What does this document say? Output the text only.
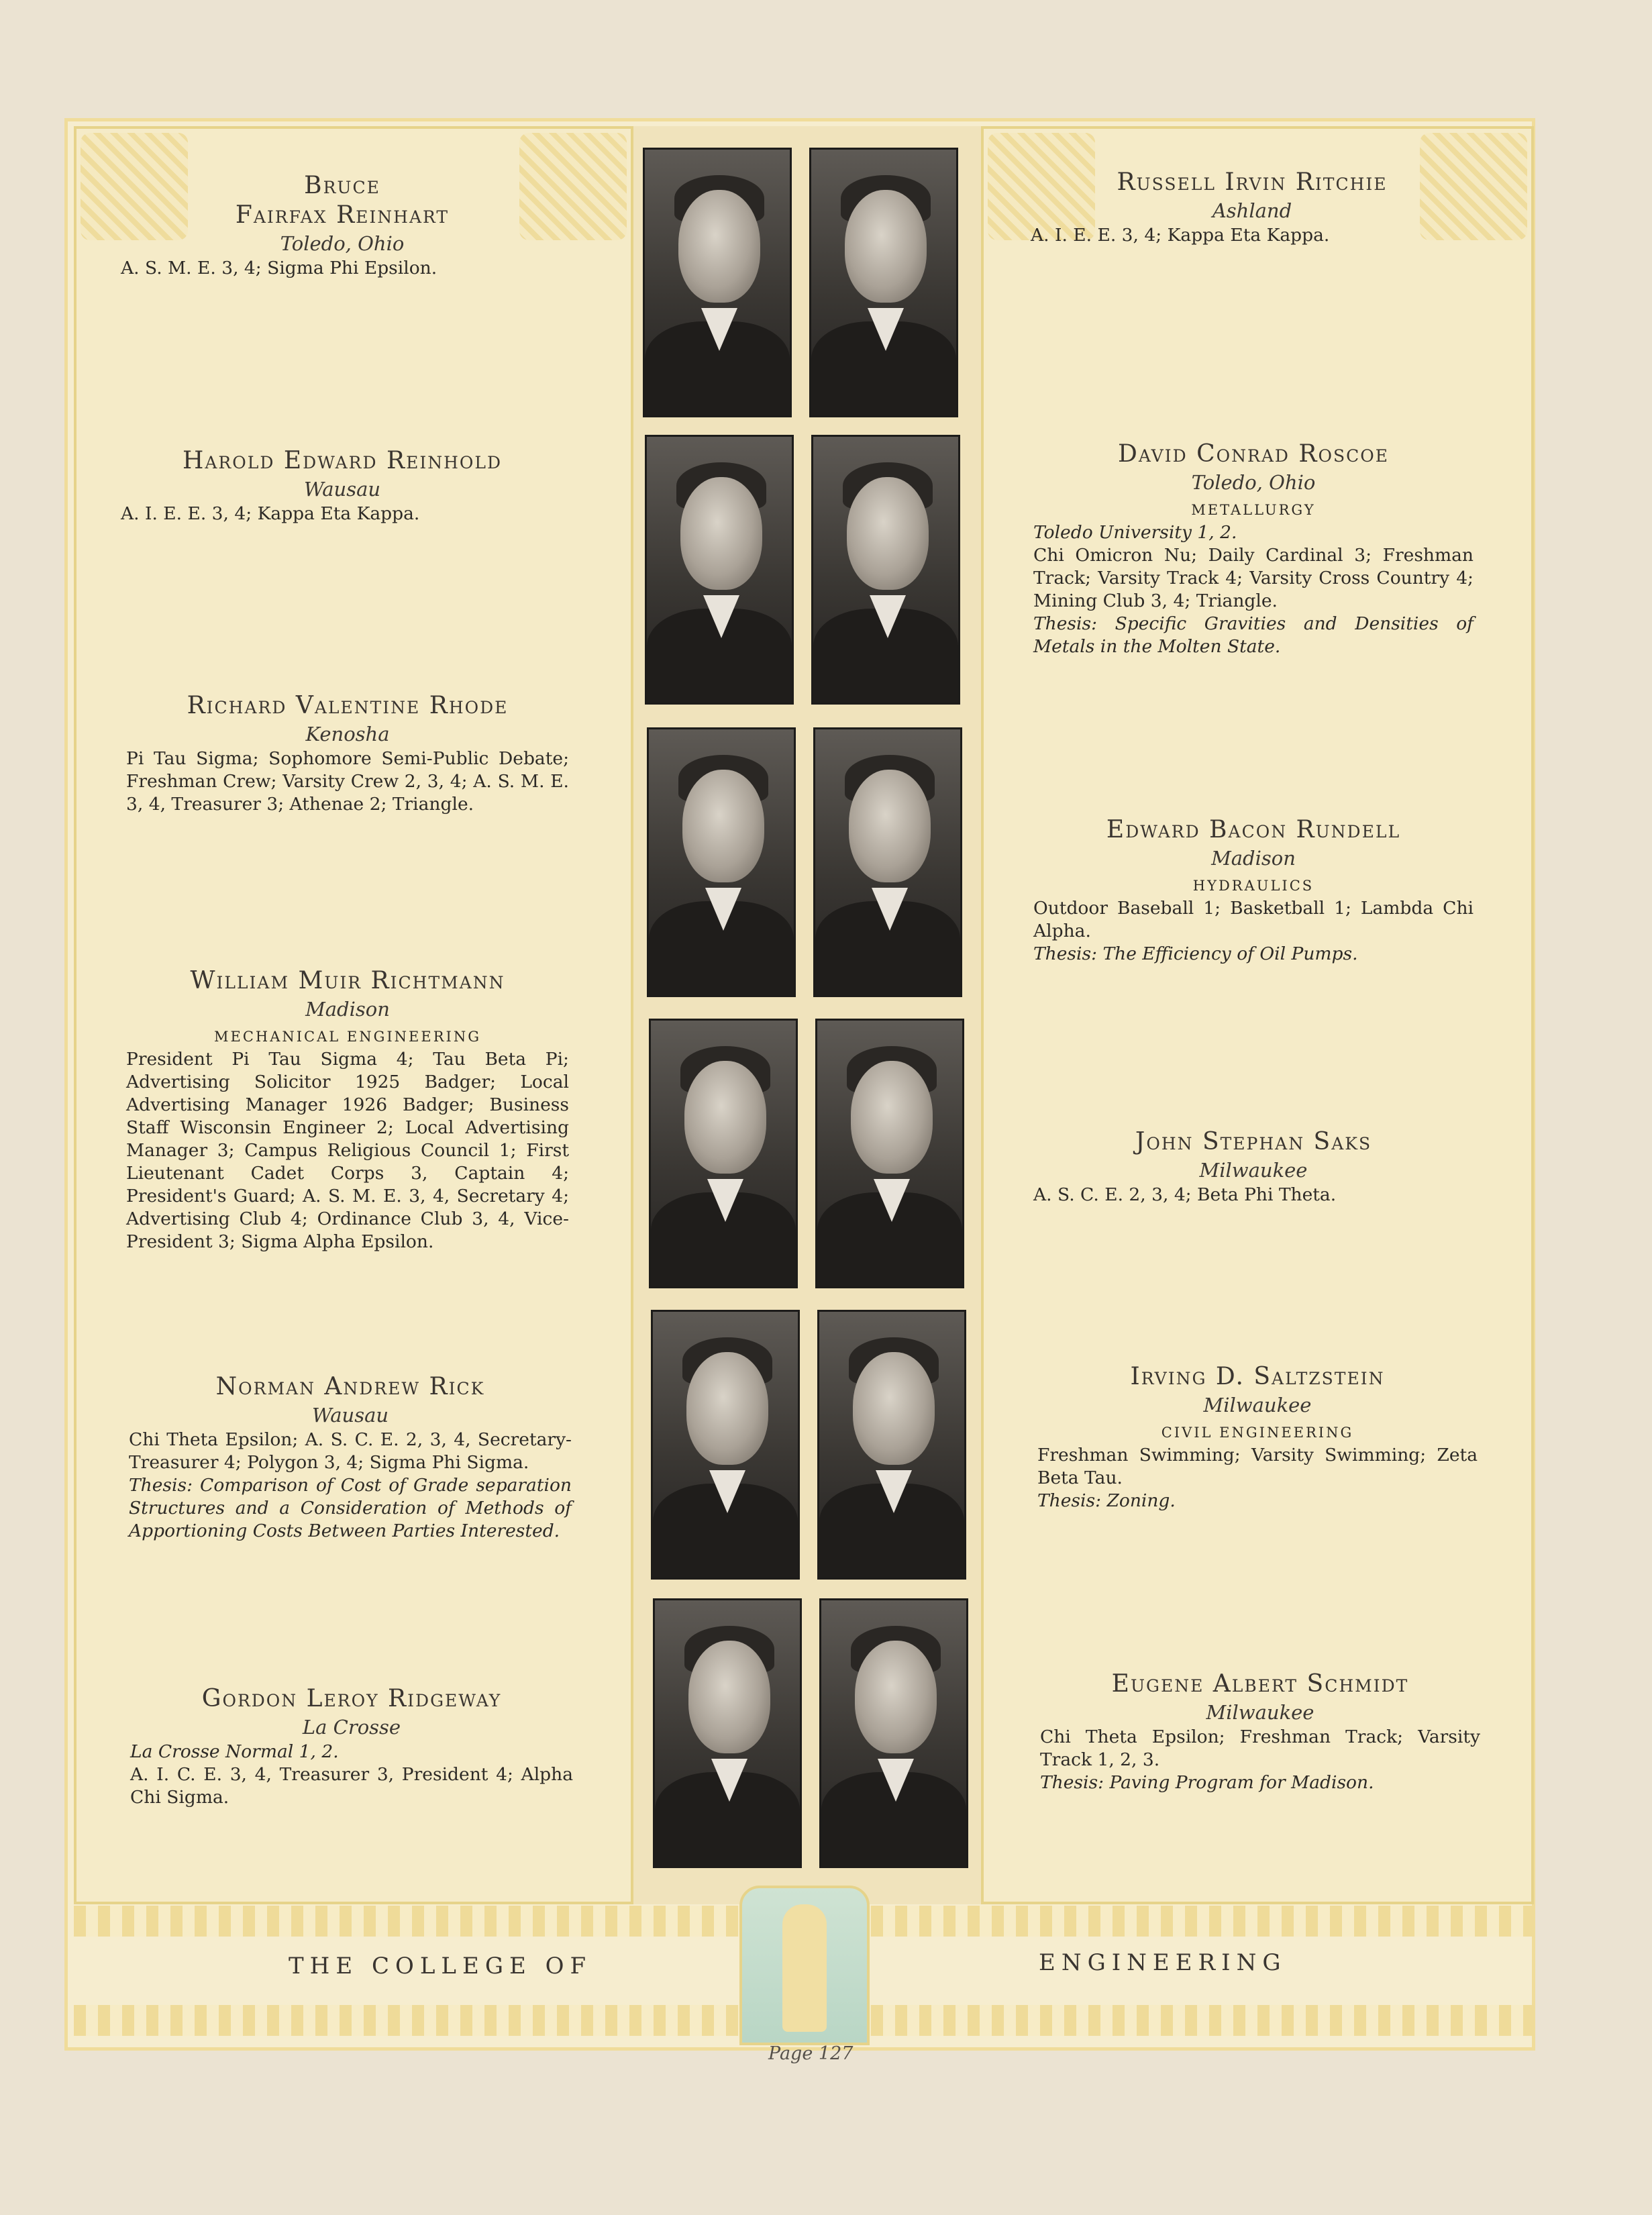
Bruce
Fairfax Reinhart
Toledo, Ohio
A. S. M. E. 3, 4; Sigma Phi Epsilon.
Harold Edward Reinhold
Wausau
A. I. E. E. 3, 4; Kappa Eta Kappa.
Richard Valentine Rhode
Kenosha
Pi Tau Sigma; Sophomore Semi-Public Debate; Freshman Crew; Varsity Crew 2, 3, 4; A. S. M. E. 3, 4, Treasurer 3; Athenae 2; Triangle.
William Muir Richtmann
Madison
MECHANICAL ENGINEERING
President Pi Tau Sigma 4; Tau Beta Pi; Advertising Solicitor 1925 Badger; Local Advertising Manager 1926 Badger; Business Staff Wisconsin Engineer 2; Local Advertising Manager 3; Campus Religious Council 1; First Lieutenant Cadet Corps 3, Captain 4; President's Guard; A. S. M. E. 3, 4, Secretary 4; Advertising Club 4; Ordinance Club 3, 4, Vice-President 3; Sigma Alpha Epsilon.
Norman Andrew Rick
Wausau
Chi Theta Epsilon; A. S. C. E. 2, 3, 4, Secretary-Treasurer 4; Polygon 3, 4; Sigma Phi Sigma.
Thesis: Comparison of Cost of Grade separation Structures and a Consideration of Methods of Apportioning Costs Between Parties Interested.
Gordon Leroy Ridgeway
La Crosse
La Crosse Normal 1, 2.
A. I. C. E. 3, 4, Treasurer 3, President 4; Alpha Chi Sigma.
Russell Irvin Ritchie
Ashland
A. I. E. E. 3, 4; Kappa Eta Kappa.
David Conrad Roscoe
Toledo, Ohio
METALLURGY
Toledo University 1, 2.
Chi Omicron Nu; Daily Cardinal 3; Freshman Track; Varsity Track 4; Varsity Cross Country 4; Mining Club 3, 4; Triangle.
Thesis: Specific Gravities and Densities of Metals in the Molten State.
Edward Bacon Rundell
Madison
HYDRAULICS
Outdoor Baseball 1; Basketball 1; Lambda Chi Alpha.
Thesis: The Efficiency of Oil Pumps.
John Stephan Saks
Milwaukee
A. S. C. E. 2, 3, 4; Beta Phi Theta.
Irving D. Saltzstein
Milwaukee
CIVIL ENGINEERING
Freshman Swimming; Varsity Swimming; Zeta Beta Tau.
Thesis: Zoning.
Eugene Albert Schmidt
Milwaukee
Chi Theta Epsilon; Freshman Track; Varsity Track 1, 2, 3.
Thesis: Paving Program for Madison.
THE COLLEGE OF	ENGINEERING
Page 127
